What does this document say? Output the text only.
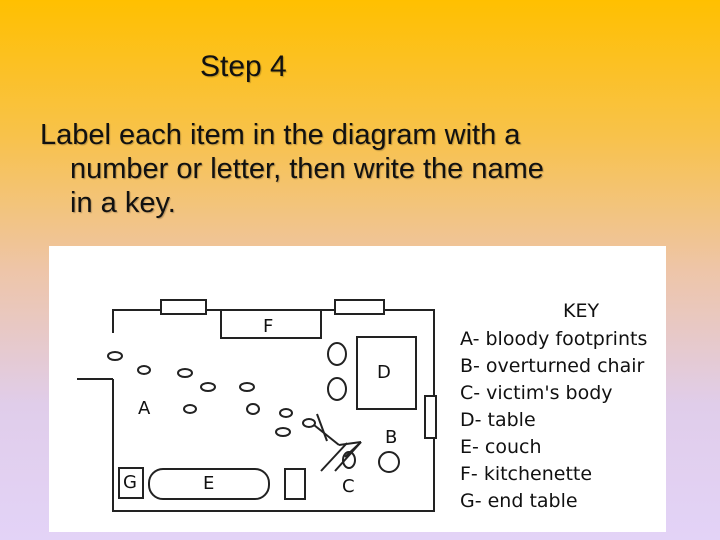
Step 4
Label each item in the diagram with a

number or letter, then write the name
in a key.
F
D
A
B
G	E	C
KEY
A- bloody footprints
B- overturned chair
C- victim's body
D- table
E- couch
F- kitchenette
G- end table
